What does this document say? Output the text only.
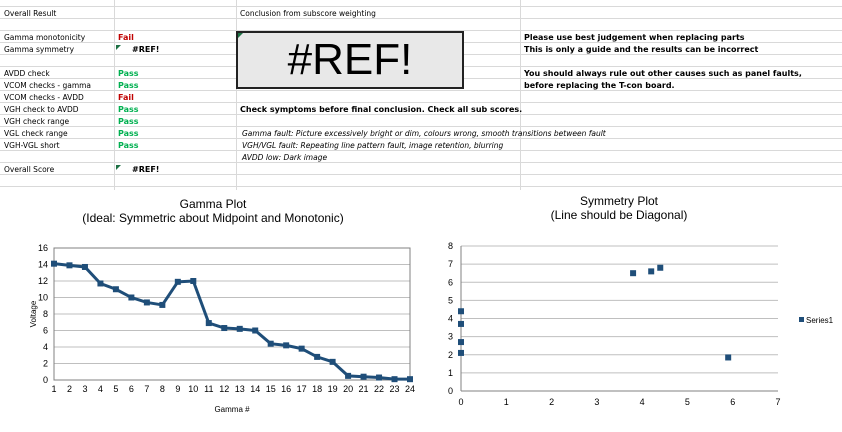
Overall Result	Conclusion from subscore weighting
Gamma monotonicity	Fail
Gamma symmetry	#REF!
AVDD check	Pass
VCOM checks - gamma	Pass
VCOM checks - AVDD	Fail
VGH check to AVDD	Pass
VGH check range	Pass
VGL check range	Pass
VGH-VGL short	Pass
Overall Score	#REF!
#REF!	Please use best judgement when replacing parts
This is only a guide and the results can be incorrect
You should always rule out other causes such as panel faults,
before replacing the T-con board.
Check symptoms before final conclusion. Check all sub scores.
Gamma fault: Picture excessively bright or dim, colours wrong, smooth transitions between fault
VGH/VGL fault: Repeating line pattern fault, image retention, blurring
AVDD low: Dark image
Gamma Plot
(Ideal: Symmetric about Midpoint and Monotonic)
0
2
4
6
8
10
12
14
16
1 2 3 4 5 6 7 8 9 10 11 12 13 14 15 16 17 18 19 20 21 22 23 24
Gamma #
Voltage
Symmetry Plot
(Line should be Diagonal)
0
1
2
3
4
5
6
7
8
0	1	2	3	4	5	6	7
Series1
